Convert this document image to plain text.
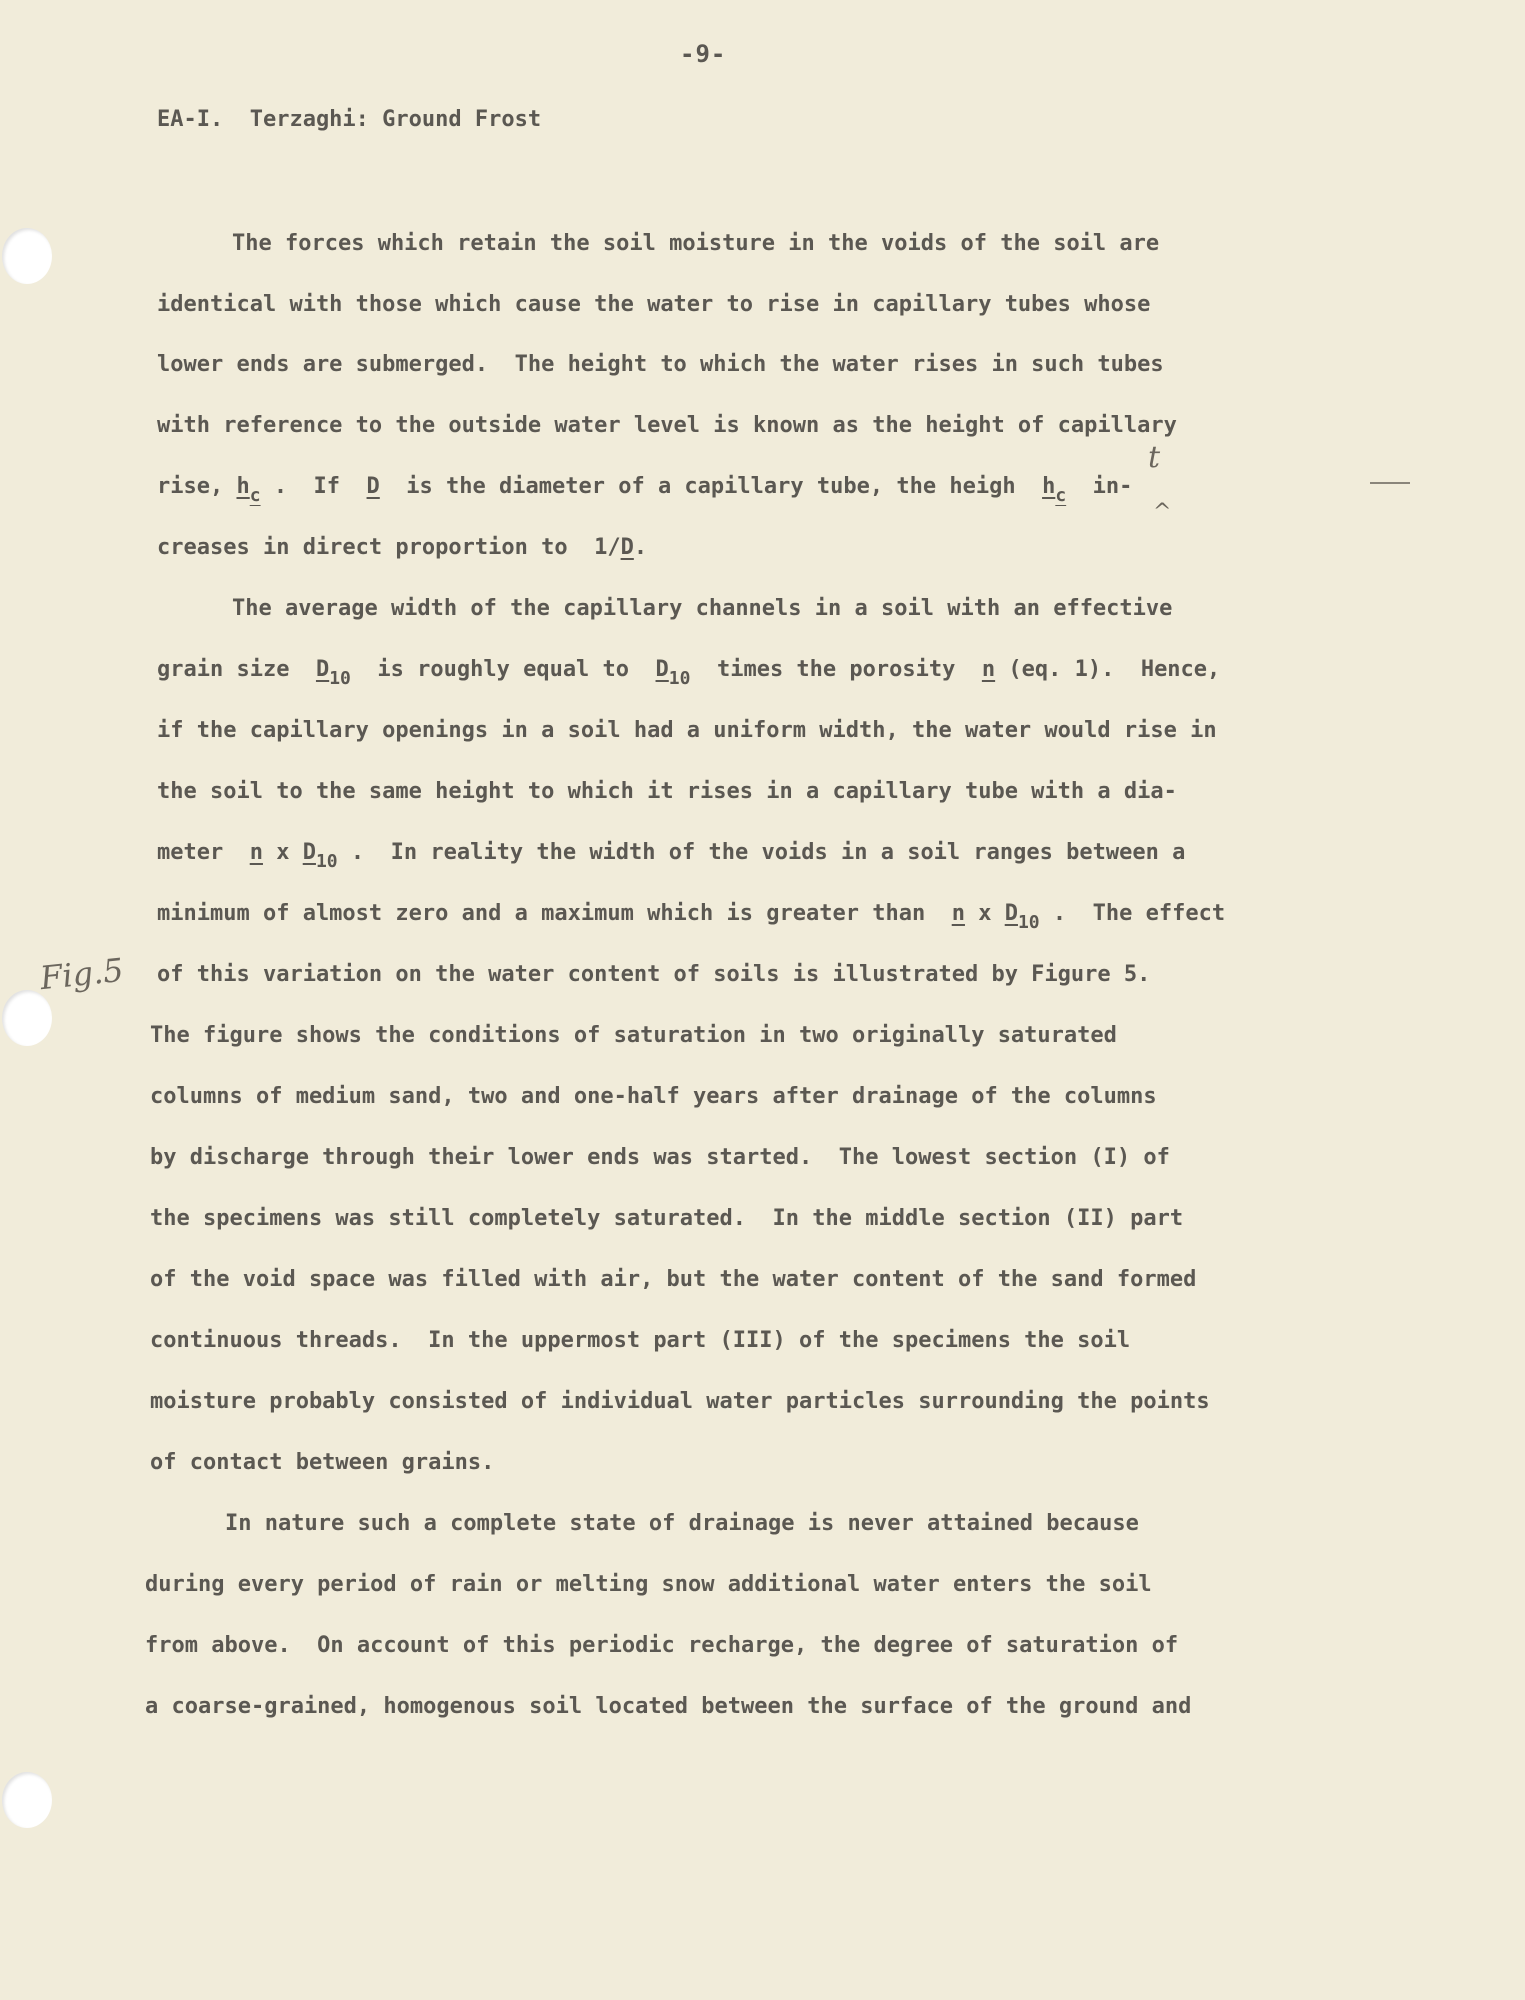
-9-
EA-I.  Terzaghi: Ground Frost
The forces which retain the soil moisture in the voids of the soil are
identical with those which cause the water to rise in capillary tubes whose
lower ends are submerged.  The height to which the water rises in such tubes
with reference to the outside water level is known as the height of capillary
rise, $h_c$ .  If  D  is the diameter of a capillary tube, the heigh  $h_c$  in-
creases in direct proportion to  1/D.
The average width of the capillary channels in a soil with an effective
grain size  $D_{10}$  is roughly equal to  $D_{10}$  times the porosity  n (eq. 1).  Hence,
if the capillary openings in a soil had a uniform width, the water would rise in
the soil to the same height to which it rises in a capillary tube with a dia-
meter  n x $D_{10}$ .  In reality the width of the voids in a soil ranges between a
minimum of almost zero and a maximum which is greater than  n x $D_{10}$ .  The effect
of this variation on the water content of soils is illustrated by Figure 5.
The figure shows the conditions of saturation in two originally saturated
columns of medium sand, two and one-half years after drainage of the columns
by discharge through their lower ends was started.  The lowest section (I) of
the specimens was still completely saturated.  In the middle section (II) part
of the void space was filled with air, but the water content of the sand formed
continuous threads.  In the uppermost part (III) of the specimens the soil
moisture probably consisted of individual water particles surrounding the points
of contact between grains.
In nature such a complete state of drainage is never attained because
during every period of rain or melting snow additional water enters the soil
from above.  On account of this periodic recharge, the degree of saturation of
a coarse-grained, homogenous soil located between the surface of the ground and
t
^
Fig.5
